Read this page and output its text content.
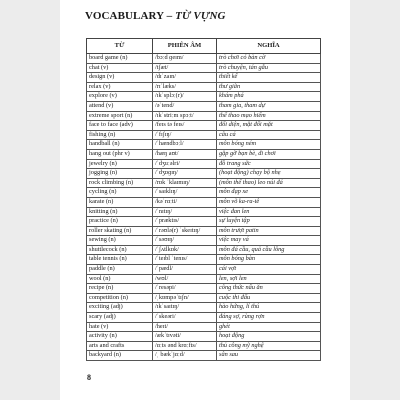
VOCABULARY – TỪ VỰNG
TỪ	PHIÊN ÂM	NGHĨA
board game (n)	/bɔːd ɡeɪm/	trò chơi có bàn cờ
chat (v)	/tʃæt/	trò chuyện, tán gẫu
design (v)	/dɪˈzaɪn/	thiết kế
relax (v)	/rɪˈlæks/	thư giãn
explore (v)	/ɪkˈsplɔː(r)/	khám phá
attend (v)	/əˈtend/	tham gia, tham dự
extreme sport (n)	/ɪkˈstriːm spɔːt/	thể thao mạo hiểm
face to face (adv)	/feɪs tə feɪs/	đối diện, mặt đối mặt
fishing (n)	/ˈfɪʃɪŋ/	câu cá
handball (n)	/ˈhændbɔːl/	môn bóng ném
hang out (phr v)	/hæŋ aʊt/	gặp gỡ bạn bè, đi chơi
jewelry (n)	/ˈdʒuːəlri/	đồ trang sức
jogging (n)	/ˈdʒɒɡɪŋ/	(hoạt động) chạy bộ nhẹ
rock climbing (n)	/rɒk ˈklaɪmɪŋ/	(môn thể thao) leo núi đá
cycling (n)	/ˈsaɪklɪŋ/	môn đạp xe
karate (n)	/kəˈrɑːti/	môn võ ka-ra-tê
knitting (n)	/ˈnɪtɪŋ/	việc đan len
practice (n)	/ˈpræktɪs/	sự luyện tập
roller skating (n)	/ˈrəʊlə(r) ˈskeɪtɪŋ/	môn trượt patin
sewing (n)	/ˈsəʊɪŋ/	việc may vá
shuttlecock (n)	/ˈʃʌtlkɒk/	môn đá cầu, quả cầu lông
table tennis (n)	/ˈteɪbl ˈtenɪs/	môn bóng bàn
paddle (n)	/ˈpædl/	cái vợt
wool (n)	/wʊl/	len, sợi len
recipe (n)	/ˈresəpi/	công thức nấu ăn
competition (n)	/ˌkɒmpəˈtɪʃn/	cuộc thi đấu
exciting (adj)	/ɪkˈsaɪtɪŋ/	hào hứng, lí thú
scary (adj)	/ˈskeəri/	đáng sợ, rùng rợn
hate (v)	/heɪt/	ghét
activity (n)	/ækˈtɪvəti/	hoạt động
arts and crafts	/ɑːts ənd krɑːfts/	thủ công mỹ nghệ
backyard (n)	/ˌ bækˈjɑːd/	sân sau
8
